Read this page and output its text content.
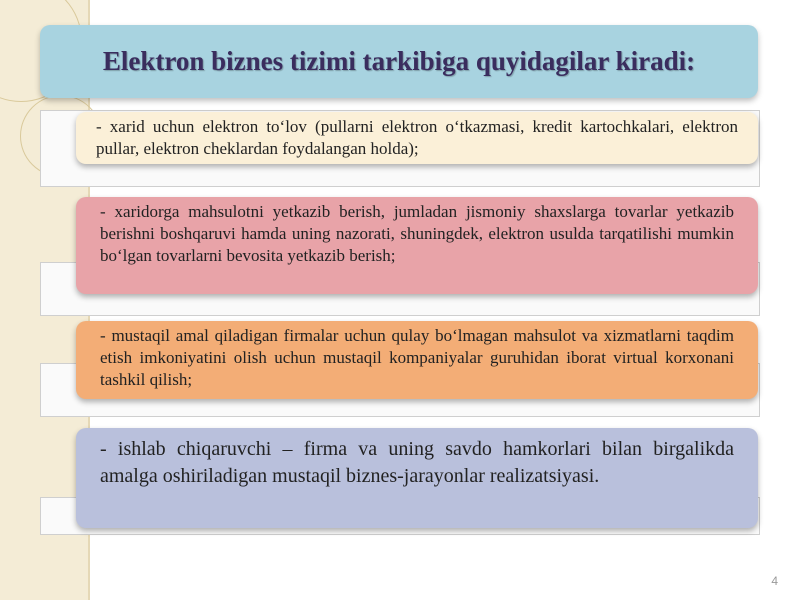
Elektron biznes tizimi tarkibiga quyidagilar kiradi:
- xarid uchun elektron to‘lov (pullarni elektron o‘tkazmasi, kredit kartochkalari, elektron pullar, elektron cheklardan foydalangan holda);
- xaridorga mahsulotni yetkazib berish, jumladan jismoniy shaxslarga tovarlar yetkazib berishni boshqaruvi hamda uning nazorati, shuningdek, elektron usulda tarqatilishi mumkin bo‘lgan tovarlarni bevosita yetkazib berish;
- mustaqil amal qiladigan firmalar uchun qulay bo‘lmagan mahsulot va xizmatlarni taqdim etish imkoniyatini olish uchun mustaqil kompaniyalar guruhidan iborat virtual korxonani tashkil qilish;
- ishlab chiqaruvchi – firma va uning savdo hamkorlari bilan birgalikda amalga oshiriladigan mustaqil biznes-jarayonlar realizatsiyasi.
4
